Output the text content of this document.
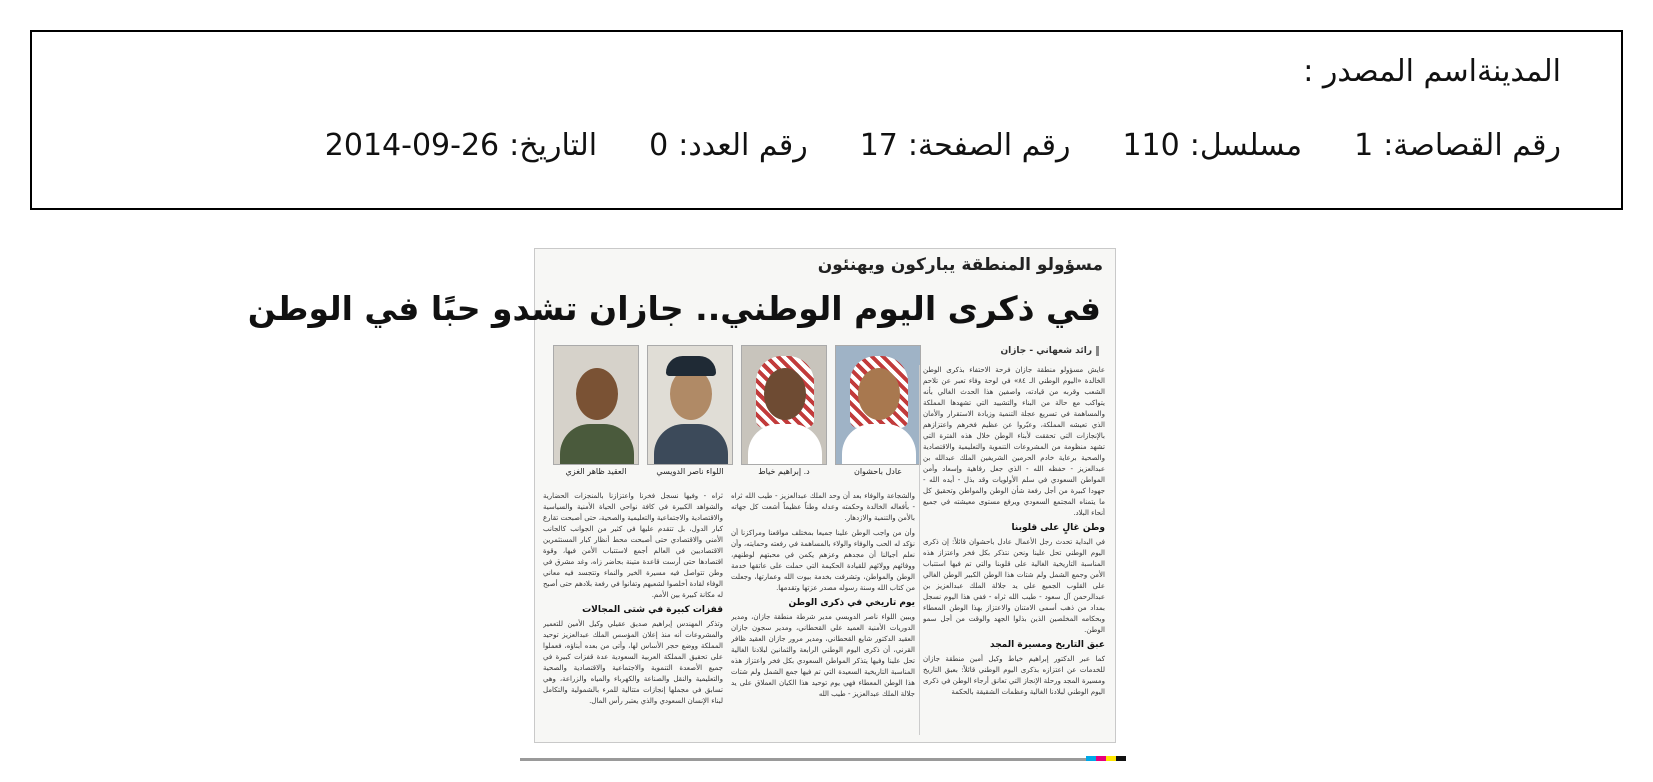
اسم المصدر : المدينة
التاريخ:
2014-09-26	رقم العدد:
0	رقم الصفحة:
17	مسلسل:
110	رقم القصاصة:
1
مسؤولو المنطقة يباركون ويهنئون
في ذكرى اليوم الوطني.. جازان تشدو حبًا في الوطن
رائد شعهاني - جازان
عادل باحشوان
د. إبراهيم خياط
اللواء ناصر الدويسي
العقيد ظاهر الغزي

عايش مسؤولو منطقة جازان فرحة الاحتفاء بذكرى الوطن الخالدة «اليوم الوطني الـ ٨٤» في لوحة وفاء تعبر عن تلاحم الشعب وقربه من قيادته، واصفين هذا الحدث الغالي بأنه يتواكب مع حالة من البناء والتشييد التي تشهدها المملكة والمساهمة في تسريع عجلة التنمية وزيادة الاستقرار والأمان الذي تعيشه المملكة، وعبّروا عن عظيم فخرهم واعتزازهم بالإنجازات التي تحققت لأبناء الوطن خلال هذه الفترة التي تشهد منظومة من المشروعات التنموية والتعليمية والاقتصادية والصحية برعاية خادم الحرمين الشريفين الملك عبدالله بن عبدالعزيز - حفظه الله - الذي جعل رفاهية وإسعاد وأمن المواطن السعودي في سلم الأولويات وقد بذل - أيده الله - جهودا كبيرة من أجل رفعة شأن الوطن والمواطن وتحقيق كل ما يتمناه المجتمع السعودي ويرفع مستوى معيشته في جميع أنحاء البلاد.

وطن غالٍ على قلوبنا

في البداية تحدث رجل الأعمال عادل باحشوان قائلاً: إن ذكرى اليوم الوطني تحل علينا ونحن نتذكر بكل فخر واعتزاز هذه المناسبة التاريخية الغالية على قلوبنا والتي تم فيها استتباب الأمن وجمع الشمل ولم شتات هذا الوطن الكبير الوطن الغالي على القلوب الجميع على يد جلالة الملك عبدالعزيز بن عبدالرحمن آل سعود - طيب الله ثراه - ففي هذا اليوم نسجل بمداد من ذهب أسمى الامتنان والاعتزاز بهذا الوطن المعطاء وبحكامه المخلصين الذين بذلوا الجهد والوقت من أجل سمو الوطن.

عبق التاريخ ومسيرة المجد

كما عبر الدكتور إبراهيم خياط وكيل أمين منطقة جازان للخدمات عن اعتزازه بذكرى اليوم الوطني قائلاً: بعبق التاريخ ومسيرة المجد ورحلة الإنجاز التي تعانق أرجاء الوطن في ذكرى اليوم الوطني لبلادنا الغالية وعظمات الشقيقة بالحكمة

والشجاعة والوفاء بعد أن وحد الملك عبدالعزيز - طيب الله ثراه - بأفعاله الخالدة وحكمته وعدله وطناً عظيماً أشعت كل جهاته بالأمن والتنمية والازدهار.

وأن من واجب الوطن علينا جميعا بمختلف مواقعنا ومراكزنا أن نؤكد له الحب والوفاء والولاء بالمساهمة في رفعته وحمايته، وأن نعلم أجيالنا أن مجدهم وعزهم يكمن في محبتهم لوطنهم، ووفائهم وولائهم للقيادة الحكيمة التي حملت على عاتقها خدمة الوطن والمواطن، وتشرفت بخدمة بيوت الله وعمارتها، وجعلت من كتاب الله وسنة رسوله مصدر عزتها وتقدمها.

يوم تاريخي في ذكرى الوطن

ويبين اللواء ناصر الدويسي مدير شرطة منطقة جازان، ومدير الدوريات الأمنية العميد علي القحطاني، ومدير سجون جازان العقيد الدكتور شايع القحطاني، ومدير مرور جازان العقيد ظافر القرني، أن ذكرى اليوم الوطني الرابعة والثمانين لبلادنا الغالية تحل علينا وفيها يتذكر المواطن السعودي بكل فخر واعتزاز هذه المناسبة التاريخية السعيدة التي تم فيها جمع الشمل ولم شتات هذا الوطن المعطاء فهي يوم توحيد هذا الكيان العملاق على يد جلالة الملك عبدالعزيز - طيب الله

ثراه - وفيها نسجل فخرنا واعتزازنا بالمنجزات الحضارية والشواهد الكبيرة في كافة نواحي الحياة الأمنية والسياسية والاقتصادية والاجتماعية والتعليمية والصحية، حتى أصبحت تقارع كبار الدول، بل تتقدم عليها في كثير من الجوانب كالجانب الأمني والاقتصادي حتى أصبحت محط أنظار كبار المستثمرين الاقتصاديين في العالم أجمع لاستتباب الأمن فيها، وقوة اقتصادها حتى أرست قاعدة متينة بحاضر زاه، وغد مشرق في وطن تتواصل فيه مسيرة الخير والنماء وتتجسد فيه معاني الوفاء لقادة أخلصوا لشعبهم وتفانوا في رفعة بلادهم حتى أصبح له مكانة كبيرة بين الأمم.

قفزات كبيرة في شتى المجالات

وتذكر المهندس إبراهيم صديق عقيلي وكيل الأمين للتعمير والمشروعات أنه منذ إعلان المؤسس الملك عبدالعزيز توحيد المملكة ووضع حجر الأساس لها، وأتى من بعده أبناؤه، فعملوا على تحقيق المملكة العربية السعودية عدة قفزات كبيرة في جميع الأصعدة التنموية والاجتماعية والاقتصادية والصحية والتعليمية والنقل والصناعة والكهرباء والمياه والزراعة، وهي تسابق في مجملها إنجازات متتالية للمرء بالشمولية والتكامل لبناء الإنسان السعودي والذي يعتبر رأس المال.
